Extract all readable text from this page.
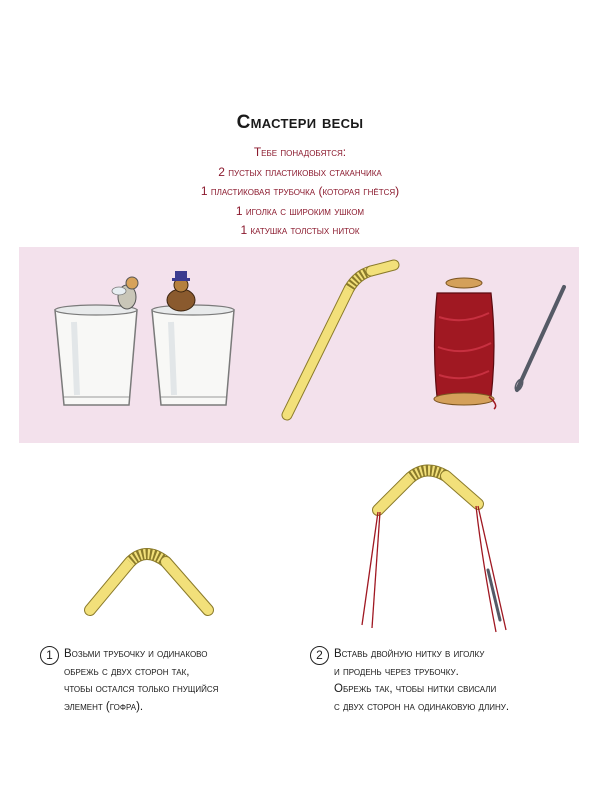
Смастери весы
Тебе понадобятся:
2 пустых пластиковых стаканчика
1 пластиковая трубочка (которая гнётся)
1 иголка с широким ушком
1 катушка толстых ниток
1 Возьми трубочку и одинаково
обрежь с двух сторон так,
чтобы остался только гнущийся
элемент (гофра).
2 Вставь двойную нитку в иголку
и продень через трубочку.
Обрежь так, чтобы нитки свисали
с двух сторон на одинаковую длину.
